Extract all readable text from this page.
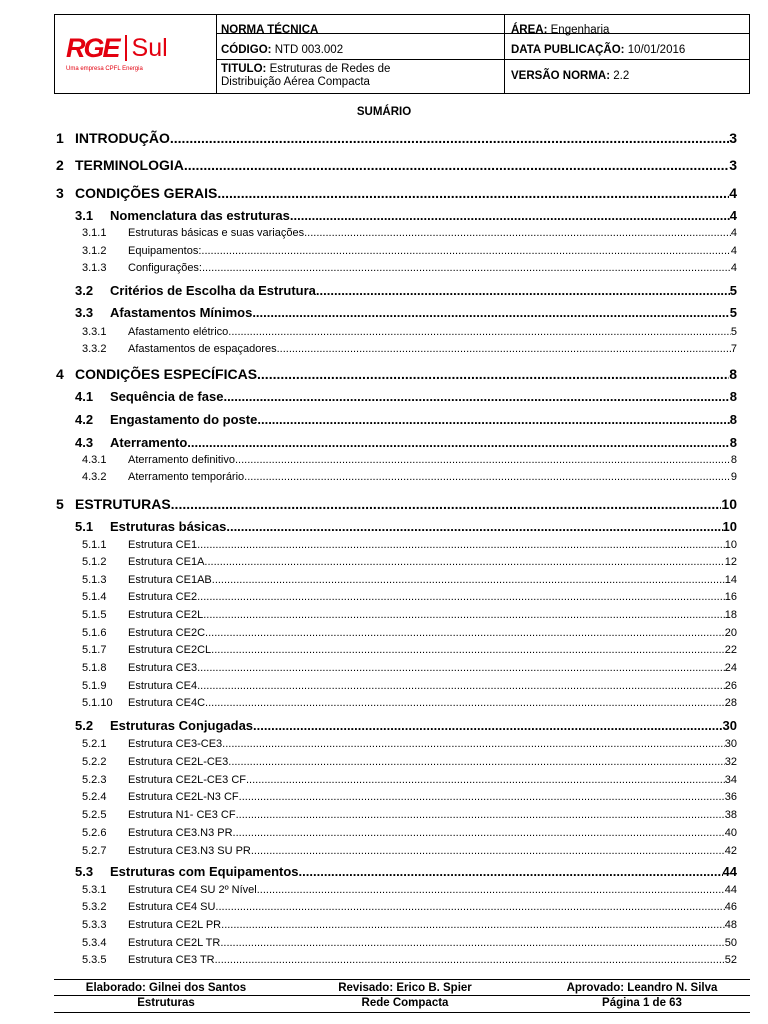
RGE Sul
Uma empresa CPFL Energia
NORMA TÉCNICA
CÓDIGO: NTD 003.002
TITULO: Estruturas de Redes de
Distribuição Aérea Compacta
ÁREA: Engenharia
DATA PUBLICAÇÃO: 10/01/2016
VERSÃO NORMA: 2.2
SUMÁRIO
1 INTRODUÇÃO .....	3
2 TERMINOLOGIA .....	3
3 CONDIÇÕES GERAIS .....	4
3.1	Nomenclatura das estruturas .....	4
3.1.1	Estruturas básicas e suas variações .....	4
3.1.2	Equipamentos: .....	4
3.1.3	Configurações: .....	4
3.2	Critérios de Escolha da Estrutura .....	5
3.3	Afastamentos Mínimos .....	5
3.3.1	Afastamento elétrico .....	5
3.3.2	Afastamentos de espaçadores .....	7
4 CONDIÇÕES ESPECÍFICAS .....	8
4.1	Sequência de fase .....	8
4.2	Engastamento do poste .....	8
4.3	Aterramento .....	8
4.3.1	Aterramento definitivo .....	8
4.3.2	Aterramento temporário .....	9
5 ESTRUTURAS .....	10
5.1	Estruturas básicas .....	10
5.1.1	Estrutura CE1 .....	10
5.1.2	Estrutura CE1A .....	12
5.1.3	Estrutura CE1AB .....	14
5.1.4	Estrutura CE2 .....	16
5.1.5	Estrutura CE2L .....	18
5.1.6	Estrutura CE2C .....	20
5.1.7	Estrutura CE2CL .....	22
5.1.8	Estrutura CE3 .....	24
5.1.9	Estrutura CE4 .....	26
5.1.10	Estrutura CE4C .....	28
5.2	Estruturas Conjugadas .....	30
5.2.1	Estrutura CE3-CE3 .....	30
5.2.2	Estrutura CE2L-CE3 .....	32
5.2.3	Estrutura CE2L-CE3 CF .....	34
5.2.4	Estrutura CE2L-N3 CF .....	36
5.2.5	Estrutura N1- CE3 CF .....	38
5.2.6	Estrutura CE3.N3 PR .....	40
5.2.7	Estrutura CE3.N3 SU PR .....	42
5.3	Estruturas com Equipamentos .....	44
5.3.1	Estrutura CE4 SU 2º Nível .....	44
5.3.2	Estrutura CE4 SU .....	46
5.3.3	Estrutura CE2L PR .....	48
5.3.4	Estrutura CE2L TR .....	50
5.3.5	Estrutura CE3 TR .....	52
Elaborado: Gilnei dos Santos	Revisado: Erico B. Spier	Aprovado: Leandro N. Silva
Estruturas	Rede Compacta	Página 1 de 63
